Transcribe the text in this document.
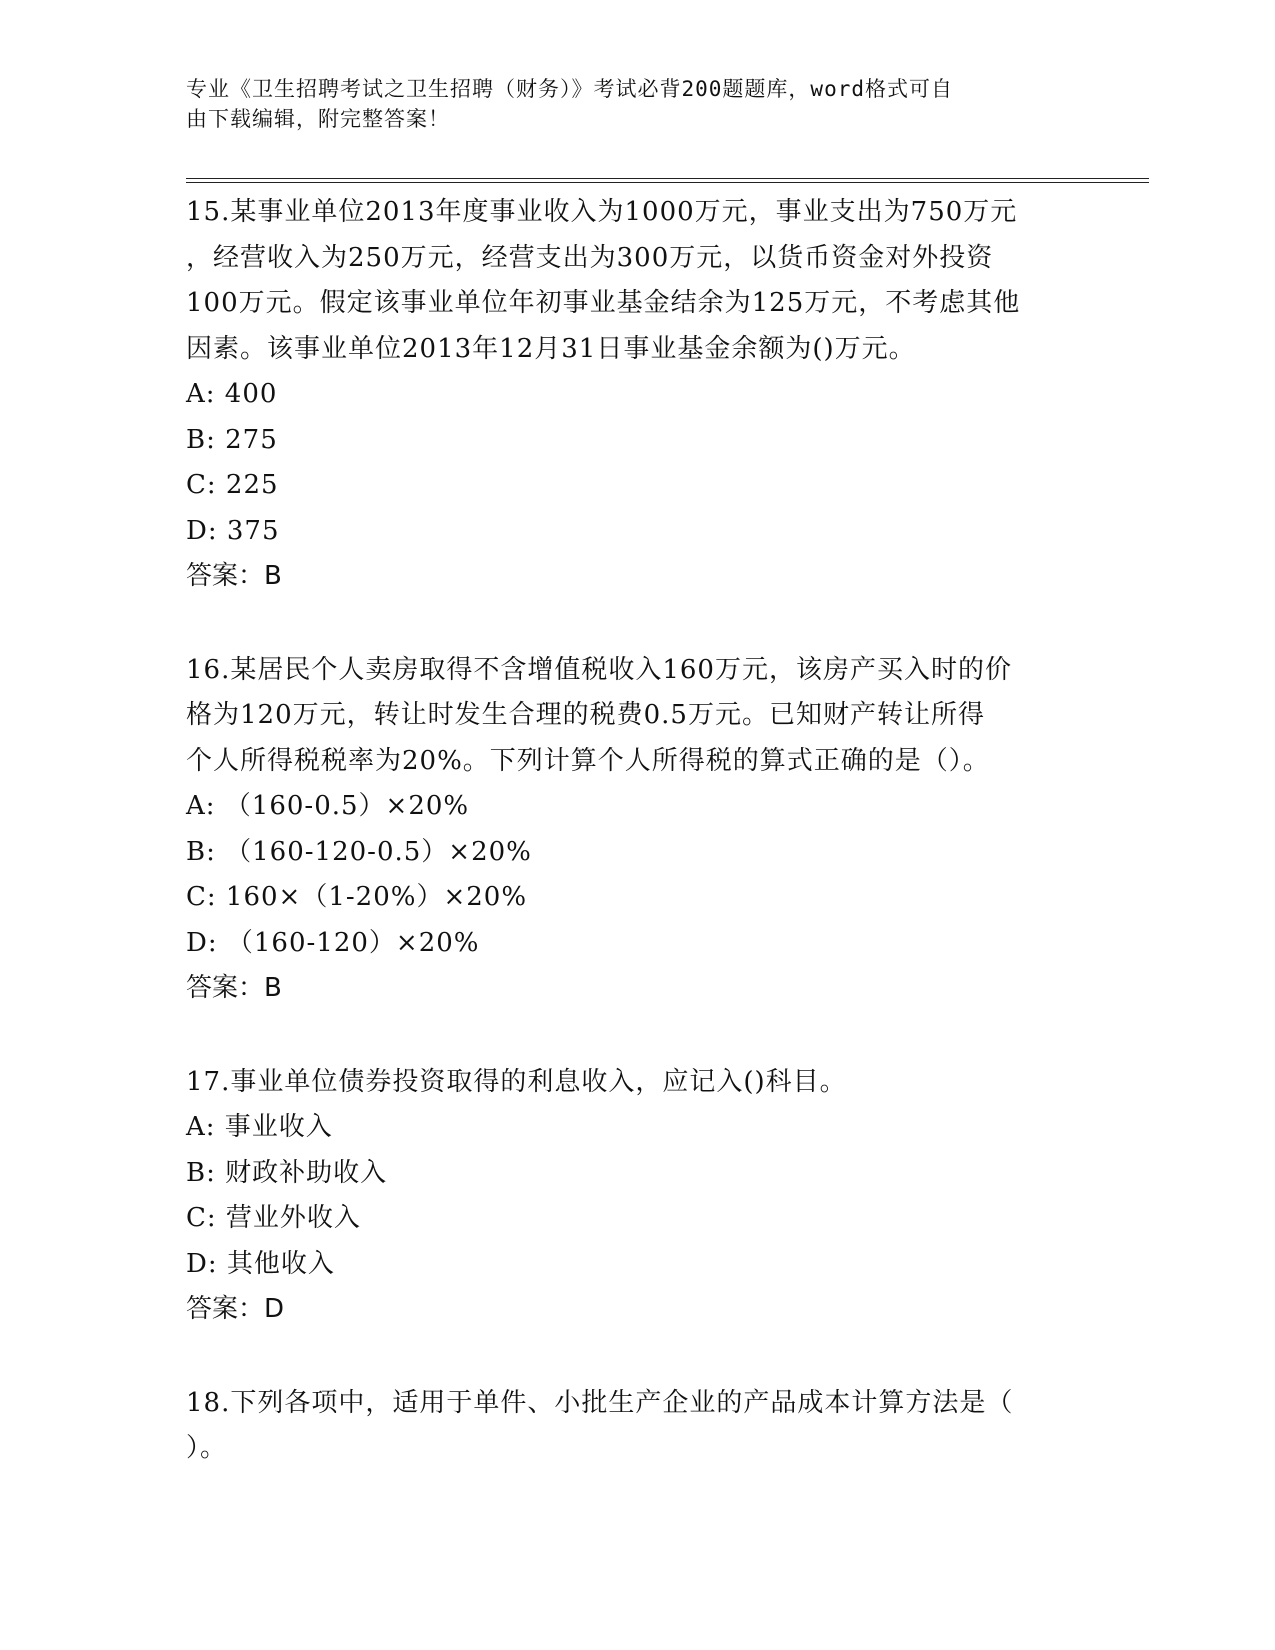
专业《卫生招聘考试之卫生招聘（财务）》考试必背200题题库，word格式可自
由下载编辑，附完整答案！
15.某事业单位2013年度事业收入为1000万元，事业支出为750万元
，经营收入为250万元，经营支出为300万元，以货币资金对外投资
100万元。假定该事业单位年初事业基金结余为125万元，不考虑其他
因素。该事业单位2013年12月31日事业基金余额为()万元。
A: 400
B: 275
C: 225
D: 375
答案：B
16.某居民个人卖房取得不含增值税收入160万元，该房产买入时的价
格为120万元，转让时发生合理的税费0.5万元。已知财产转让所得
个人所得税税率为20%。下列计算个人所得税的算式正确的是（）。
A: （160-0.5）×20%
B: （160-120-0.5）×20%
C: 160×（1-20%）×20%
D: （160-120）×20%
答案：B
17.事业单位债券投资取得的利息收入，应记入()科目。
A: 事业收入
B: 财政补助收入
C: 营业外收入
D: 其他收入
答案：D
18.下列各项中，适用于单件、小批生产企业的产品成本计算方法是（
）。
